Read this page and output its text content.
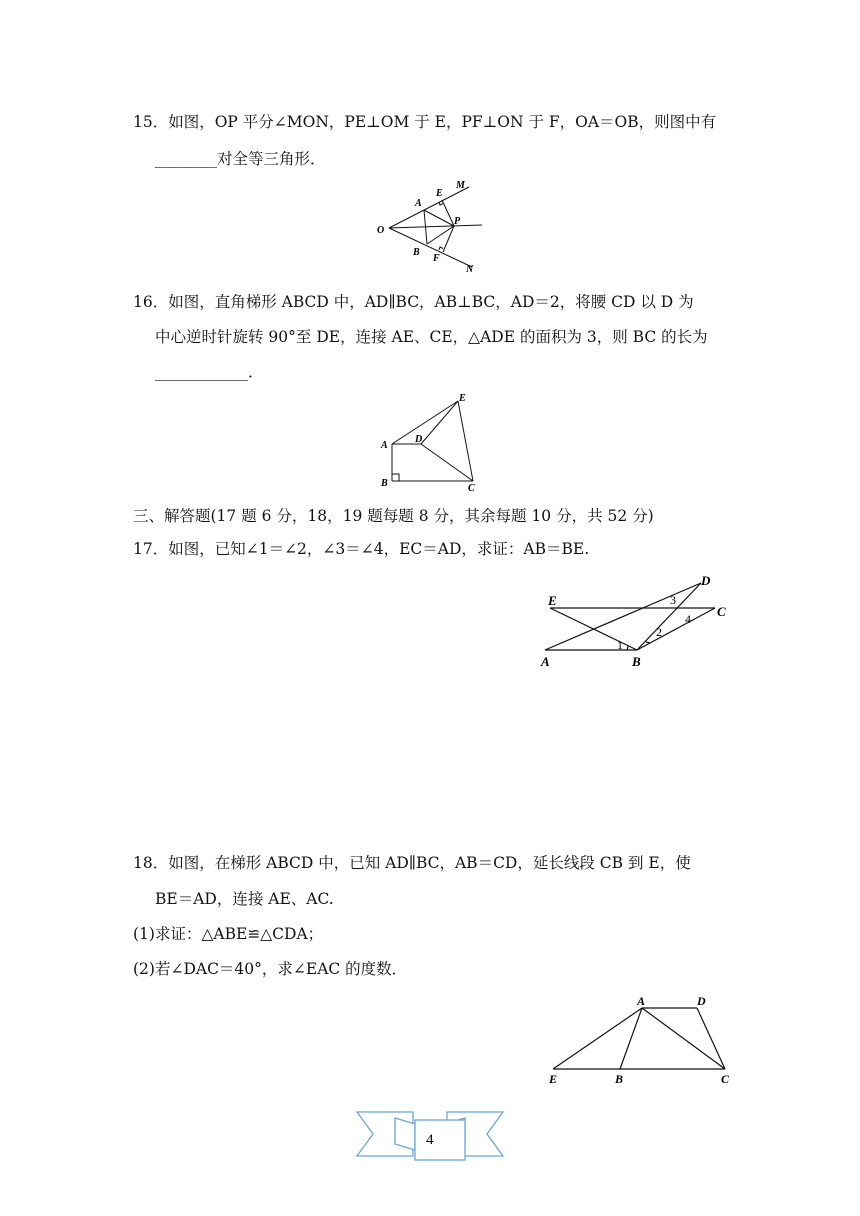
15．如图，OP 平分∠MON，PE⊥OM 于 E，PF⊥ON 于 F，OA＝OB，则图中有
________对全等三角形．
O
A
E
M
P
B
F
N
16．如图，直角梯形 ABCD 中，AD∥BC，AB⊥BC，AD＝2，将腰 CD 以 D 为
中心逆时针旋转 90°至 DE，连接 AE、CE，△ADE 的面积为 3，则 BC 的长为
____________．
E
A
D
B	C
三、解答题(17 题 6 分，18，19 题每题 8 分，其余每题 10 分，共 52 分)
17．如图，已知∠1＝∠2，∠3＝∠4，EC＝AD，求证：AB＝BE.
D
E
C
A	B
1
2
3
4
18．如图，在梯形 ABCD 中，已知 AD∥BC，AB＝CD，延长线段 CB 到 E，使
BE＝AD，连接 AE、AC.
(1)求证：△ABE≌△CDA；
(2)若∠DAC＝40°，求∠EAC 的度数．
A	D
E	B	C
4
